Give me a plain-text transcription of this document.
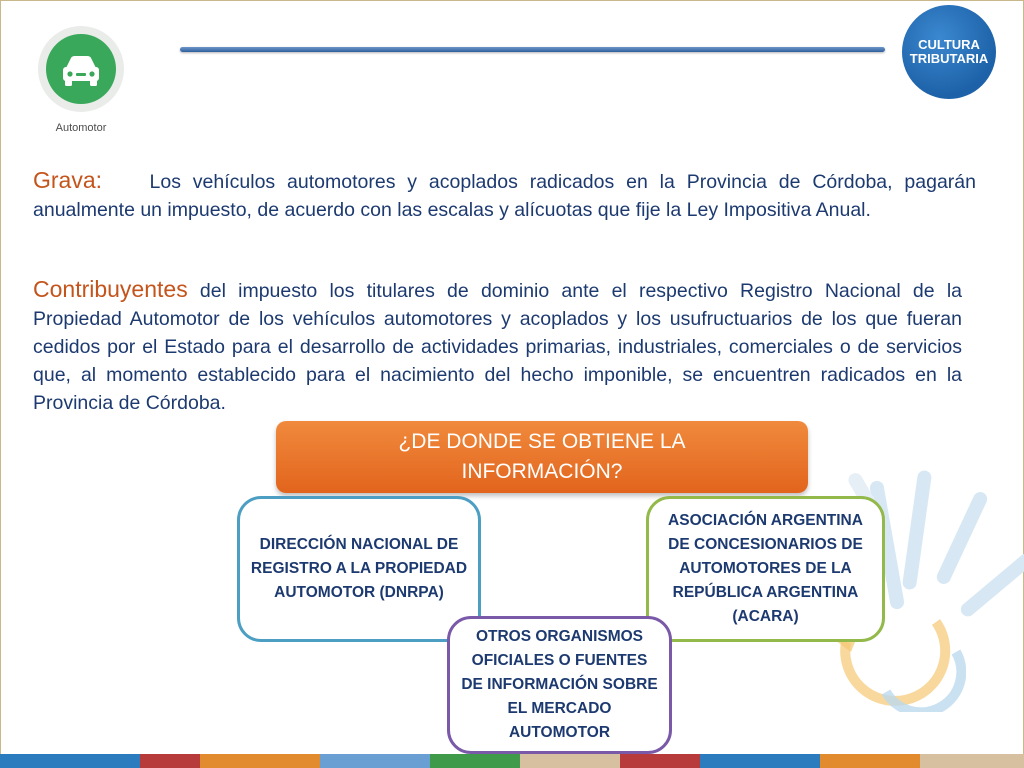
Automotor
CULTURA
TRIBUTARIA
Grava: Los vehículos automotores y acoplados radicados en la Provincia de Córdoba, pagarán anualmente un impuesto, de acuerdo con las escalas y alícuotas que fije la Ley Impositiva Anual.
Contribuyentes del impuesto los titulares de dominio ante el respectivo Registro Nacional de la Propiedad Automotor de los vehículos automotores y acoplados y los usufructuarios de los que fueran cedidos por el Estado para el desarrollo de actividades primarias, industriales, comerciales o de servicios que, al momento establecido para el nacimiento del hecho imponible, se encuentren radicados en la Provincia de Córdoba.
¿DE DONDE SE OBTIENE LA
INFORMACIÓN?
DIRECCIÓN NACIONAL DE REGISTRO A LA PROPIEDAD AUTOMOTOR (DNRPA)
ASOCIACIÓN ARGENTINA DE CONCESIONARIOS DE AUTOMOTORES DE LA REPÚBLICA ARGENTINA (ACARA)
OTROS ORGANISMOS OFICIALES O FUENTES DE INFORMACIÓN SOBRE EL MERCADO AUTOMOTOR
